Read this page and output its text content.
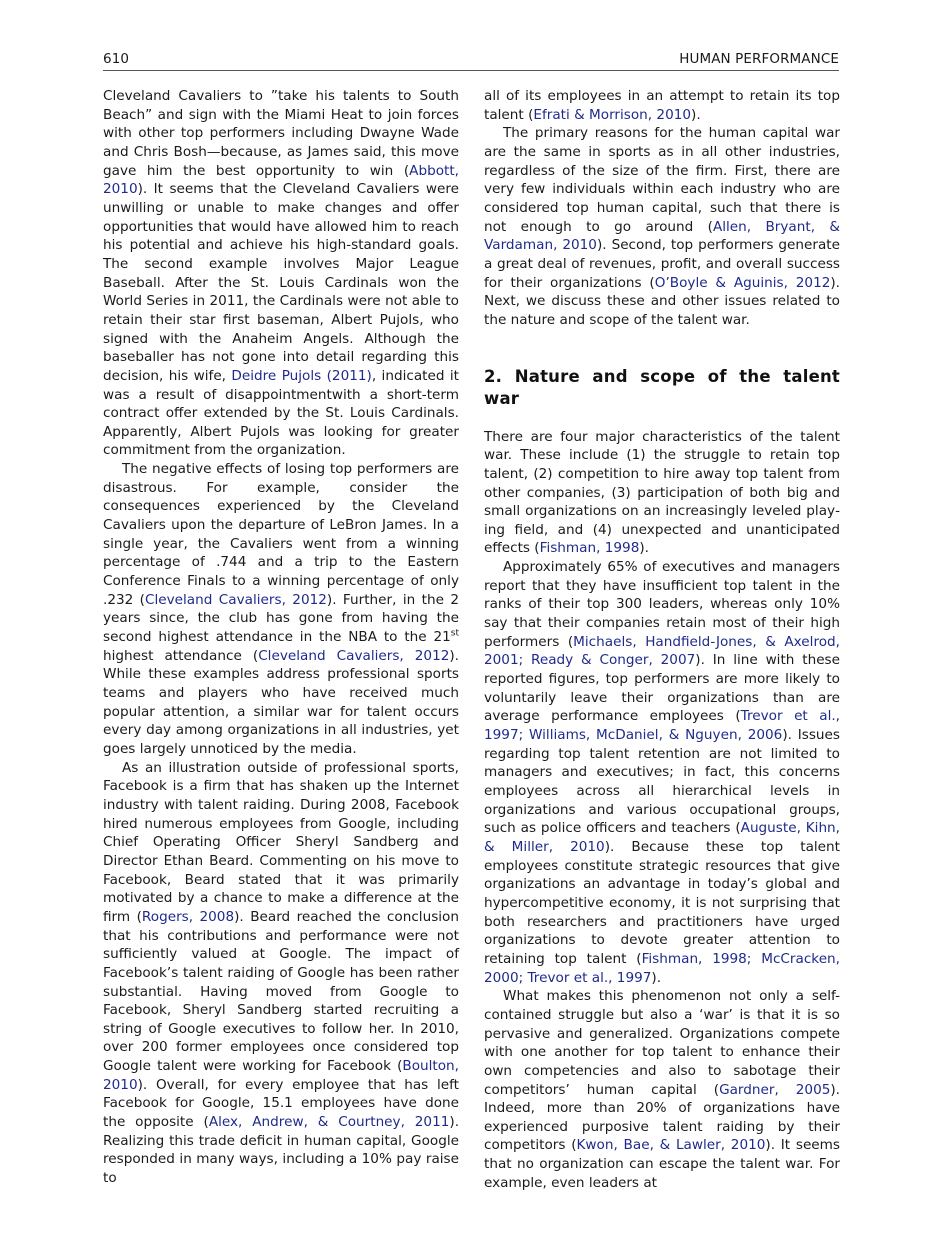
610	HUMAN PERFORMANCE

Cleveland Cavaliers to ”take his talents to South Beach” and sign with the Miami Heat to join forces with other top performers including Dwayne Wade and Chris Bosh—because, as James said, this move gave him the best opportunity to win (Abbott, 2010). It seems that the Cleveland Cavaliers were unwilling or unable to make changes and offer opportunities that would have allowed him to reach his potential and achieve his high-standard goals. The second example involves Major League Baseball. After the St. Louis Cardinals won the World Series in 2011, the Cardinals were not able to retain their star first baseman, Albert Pujols, who signed with the Anaheim Angels. Although the baseballer has not gone into detail regarding this decision, his wife, Deidre Pujols (2011), indicated it was a result of disappointmentwith a short-term contract offer extended by the St. Louis Cardinals. Apparently, Albert Pujols was looking for greater commitment from the organization.

The negative effects of losing top performers are disastrous. For example, consider the consequences experienced by the Cleveland Cavaliers upon the departure of LeBron James. In a single year, the Cavaliers went from a winning percentage of .744 and a trip to the Eastern Conference Finals to a winning percentage of only .232 (Cleveland Cavaliers, 2012). Further, in the 2 years since, the club has gone from having the second highest attendance in the NBA to the 21st highest attendance (Cleveland Cavaliers, 2012). While these examples address professional sports teams and players who have received much popular attention, a similar war for talent occurs every day among organizations in all industries, yet goes largely unnoticed by the media.

As an illustration outside of professional sports, Facebook is a firm that has shaken up the Internet industry with talent raiding. During 2008, Facebook hired numerous employees from Google, including Chief Operating Officer Sheryl Sandberg and Director Ethan Beard. Commenting on his move to Facebook, Beard stated that it was primarily motivated by a chance to make a difference at the firm (Rogers, 2008). Beard reached the conclusion that his contributions and performance were not sufficiently valued at Google. The impact of Facebook’s talent raiding of Google has been rather substantial. Having moved from Google to Facebook, Sheryl Sandberg started recruiting a string of Google executives to follow her. In 2010, over 200 former employees once considered top Google talent were working for Facebook (Boulton, 2010). Overall, for every employee that has left Facebook for Google, 15.1 employees have done the opposite (Alex, Andrew, & Courtney, 2011). Realizing this trade deficit in human capital, Google responded in many ways, including a 10% pay raise to

all of its employees in an attempt to retain its top talent (Efrati & Morrison, 2010).

The primary reasons for the human capital war are the same in sports as in all other industries, regardless of the size of the firm. First, there are very few individuals within each industry who are considered top human capital, such that there is not enough to go around (Allen, Bryant, & Vardaman, 2010). Second, top performers generate a great deal of revenues, profit, and overall success for their organizations (O’Boyle & Aguinis, 2012). Next, we discuss these and other issues related to the nature and scope of the talent war.

2. Nature and scope of the talent war

There are four major characteristics of the talent war. These include (1) the struggle to retain top talent, (2) competition to hire away top talent from other companies, (3) participation of both big and small organizations on an increasingly leveled playing field, and (4) unexpected and unanticipated effects (Fishman, 1998).

Approximately 65% of executives and managers report that they have insufficient top talent in the ranks of their top 300 leaders, whereas only 10% say that their companies retain most of their high performers (Michaels, Handfield-Jones, & Axelrod, 2001; Ready & Conger, 2007). In line with these reported figures, top performers are more likely to voluntarily leave their organizations than are average performance employees (Trevor et al., 1997; Williams, McDaniel, & Nguyen, 2006). Issues regarding top talent retention are not limited to managers and executives; in fact, this concerns employees across all hierarchical levels in organizations and various occupational groups, such as police officers and teachers (Auguste, Kihn, & Miller, 2010). Because these top talent employees constitute strategic resources that give organizations an advantage in today’s global and hypercompetitive economy, it is not surprising that both researchers and practitioners have urged organizations to devote greater attention to retaining top talent (Fishman, 1998; McCracken, 2000; Trevor et al., 1997).

What makes this phenomenon not only a self-contained struggle but also a ‘war’ is that it is so pervasive and generalized. Organizations compete with one another for top talent to enhance their own competencies and also to sabotage their competitors’ human capital (Gardner, 2005). Indeed, more than 20% of organizations have experienced purposive talent raiding by their competitors (Kwon, Bae, & Lawler, 2010). It seems that no organization can escape the talent war. For example, even leaders at
